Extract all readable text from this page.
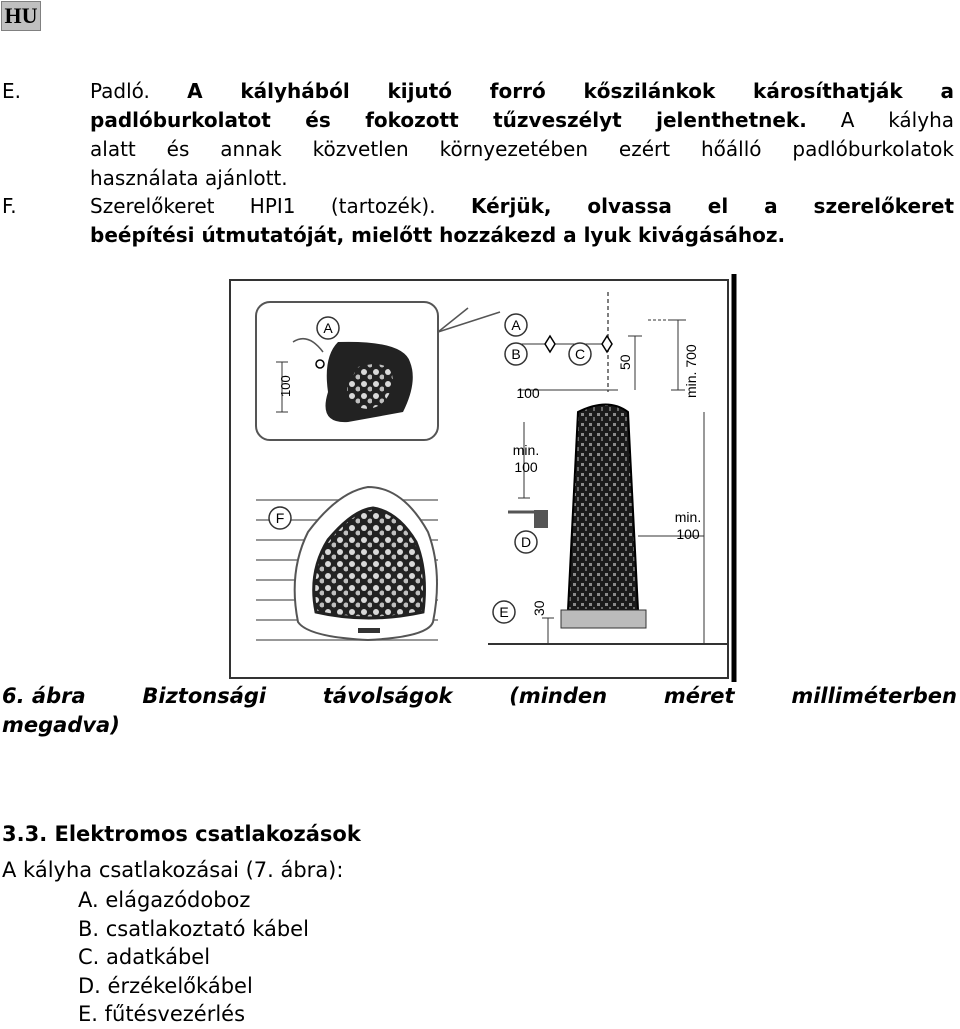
HU
E.	Padló. A kályhából kijutó forró kőszilánkok károsíthatják a
padlóburkolatot és fokozott tűzveszélyt jelenthetnek. A kályha
alatt és annak közvetlen környezetében ezért hőálló padlóburkolatok
használata ajánlott.
F.	Szerelőkeret HPI1 (tartozék). Kérjük, olvassa el a szerelőkeret
beépítési útmutatóját, mielőtt hozzákezd a lyuk kivágásához.
A
100
F
A
B	C
D
E
100
50	min. 700
min.
100
min.
100
30
6. ábra	Biztonsági	távolságok	(minden	méret	milliméterben
megadva)
3.3. Elektromos csatlakozások
A kályha csatlakozásai (7. ábra):
A. elágazódoboz
B. csatlakoztató kábel
C. adatkábel
D. érzékelőkábel
E. fűtésvezérlés
